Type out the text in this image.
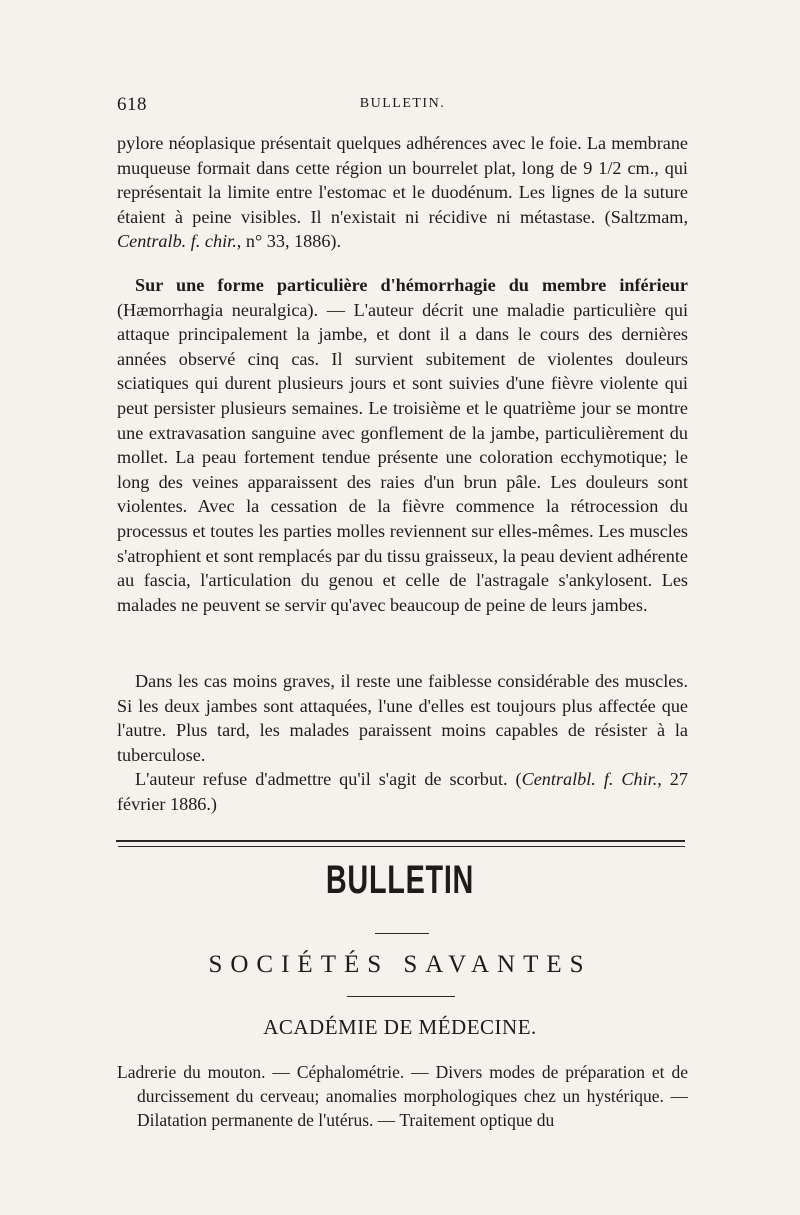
618	BULLETIN.

pylore néoplasique présentait quelques adhérences avec le foie. La membrane muqueuse formait dans cette région un bourrelet plat, long de 9 1/2 cm., qui représentait la limite entre l'estomac et le duodénum. Les lignes de la suture étaient à peine visibles. Il n'existait ni récidive ni métastase. (Saltzmam, Centralb. f. chir., n° 33, 1886).

Sur une forme particulière d'hémorrhagie du membre inférieur (Hæmorrhagia neuralgica). — L'auteur décrit une maladie particulière qui attaque principalement la jambe, et dont il a dans le cours des dernières années observé cinq cas. Il survient subitement de violentes douleurs sciatiques qui durent plusieurs jours et sont suivies d'une fièvre violente qui peut persister plusieurs semaines. Le troisième et le quatrième jour se montre une extravasation sanguine avec gonflement de la jambe, particulièrement du mollet. La peau fortement tendue présente une coloration ecchymotique; le long des veines apparaissent des raies d'un brun pâle. Les douleurs sont violentes. Avec la cessation de la fièvre commence la rétrocession du processus et toutes les parties molles reviennent sur elles-mêmes. Les muscles s'atrophient et sont remplacés par du tissu graisseux, la peau devient adhérente au fascia, l'articulation du genou et celle de l'astragale s'ankylosent. Les malades ne peuvent se servir qu'avec beaucoup de peine de leurs jambes.

Dans les cas moins graves, il reste une faiblesse considérable des muscles. Si les deux jambes sont attaquées, l'une d'elles est toujours plus affectée que l'autre. Plus tard, les malades paraissent moins capables de résister à la tuberculose.

L'auteur refuse d'admettre qu'il s'agit de scorbut. (Centralbl. f. Chir., 27 février 1886.)

BULLETIN
SOCIÉTÉS SAVANTES
ACADÉMIE DE MÉDECINE.

Ladrerie du mouton. — Céphalométrie. — Divers modes de préparation et de durcissement du cerveau; anomalies morphologiques chez un hystérique. — Dilatation permanente de l'utérus. — Traitement optique du
